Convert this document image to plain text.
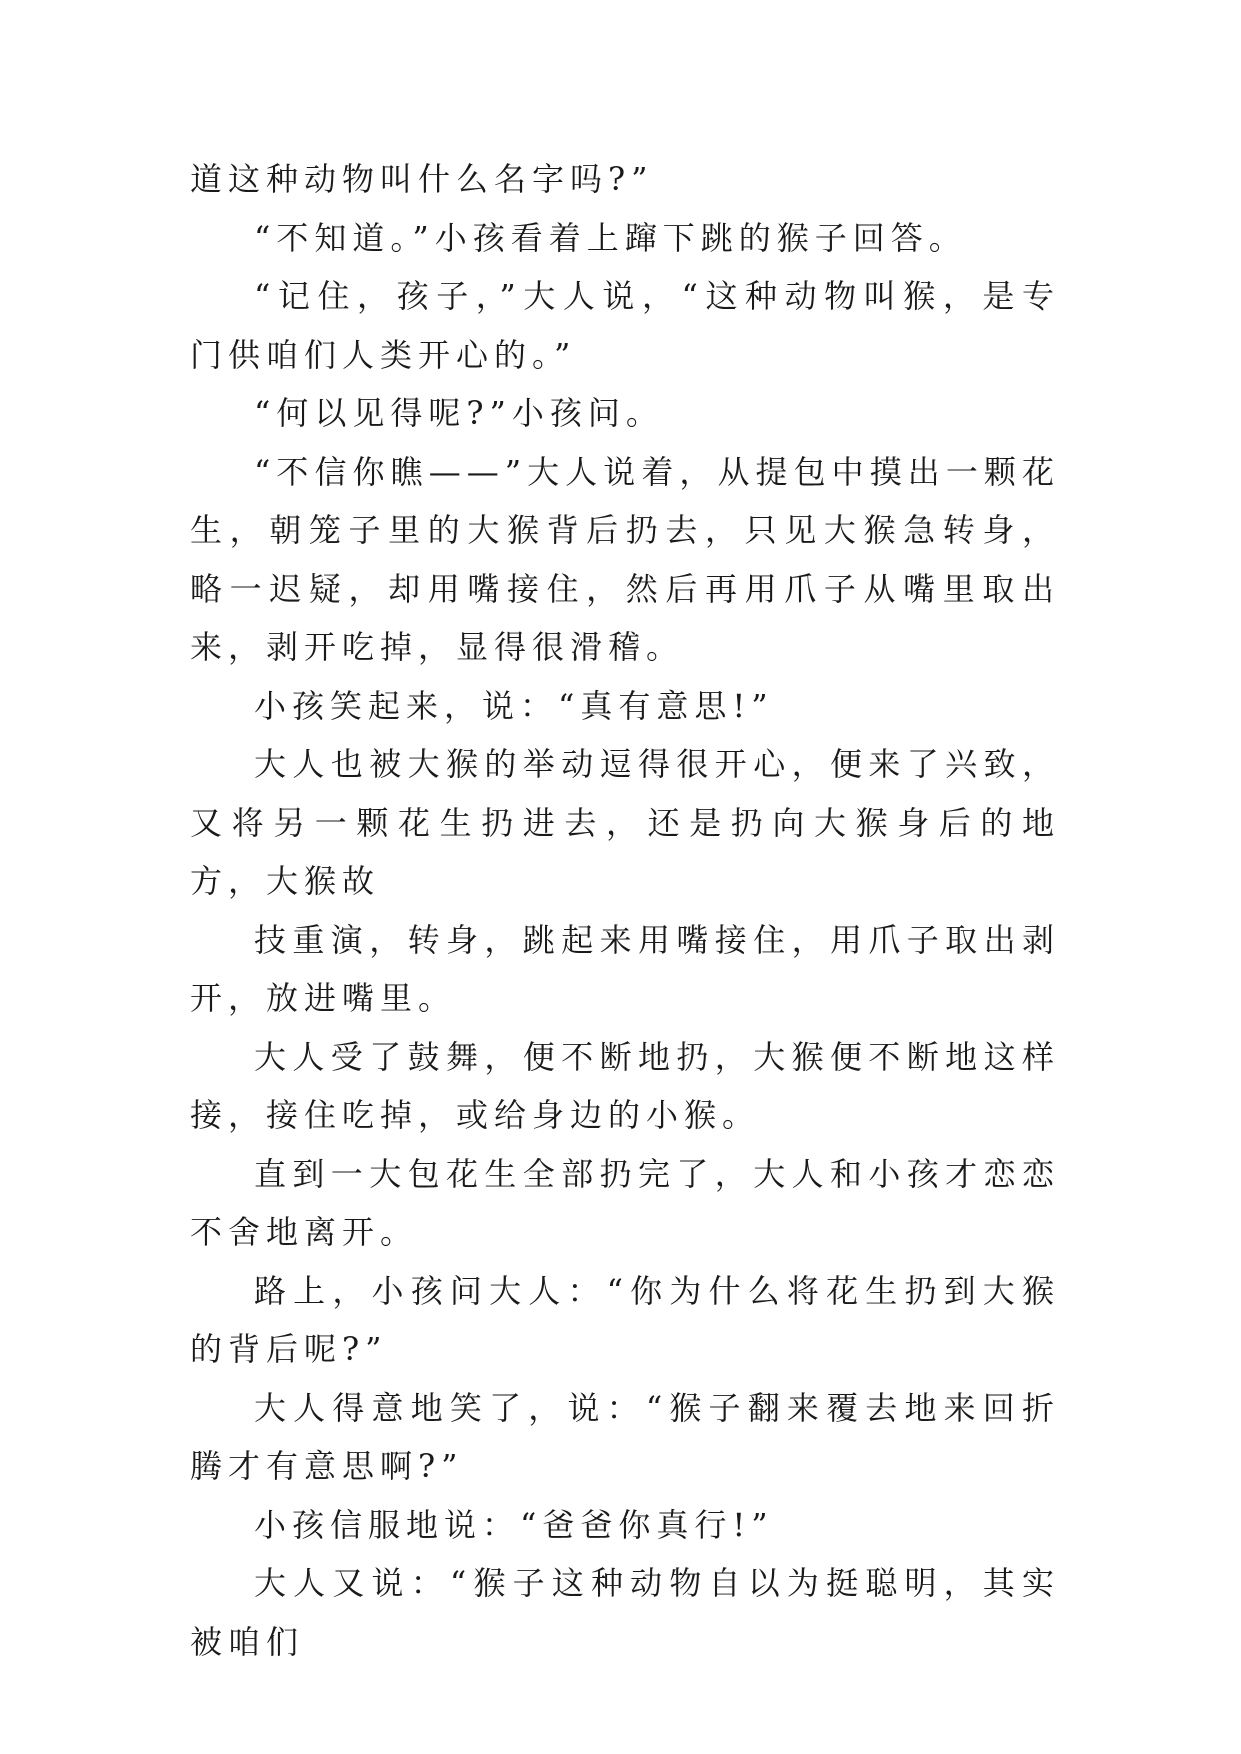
道这种动物叫什么名字吗?”

“不知道。”小孩看着上蹿下跳的猴子回答。

“记住，孩子，”大人说，“这种动物叫猴，是专门供咱们人类开心的。”

“何以见得呢?”小孩问。

“不信你瞧——”大人说着，从提包中摸出一颗花生，朝笼子里的大猴背后扔去，只见大猴急转身，略一迟疑，却用嘴接住，然后再用爪子从嘴里取出来，剥开吃掉，显得很滑稽。

小孩笑起来，说：“真有意思!”

大人也被大猴的举动逗得很开心，便来了兴致，又将另一颗花生扔进去，还是扔向大猴身后的地方，大猴故

技重演，转身，跳起来用嘴接住，用爪子取出剥开，放进嘴里。

大人受了鼓舞，便不断地扔，大猴便不断地这样接，接住吃掉，或给身边的小猴。

直到一大包花生全部扔完了，大人和小孩才恋恋不舍地离开。

路上，小孩问大人：“你为什么将花生扔到大猴的背后呢?”

大人得意地笑了，说：“猴子翻来覆去地来回折腾才有意思啊?”

小孩信服地说：“爸爸你真行!”

大人又说：“猴子这种动物自以为挺聪明，其实被咱们
